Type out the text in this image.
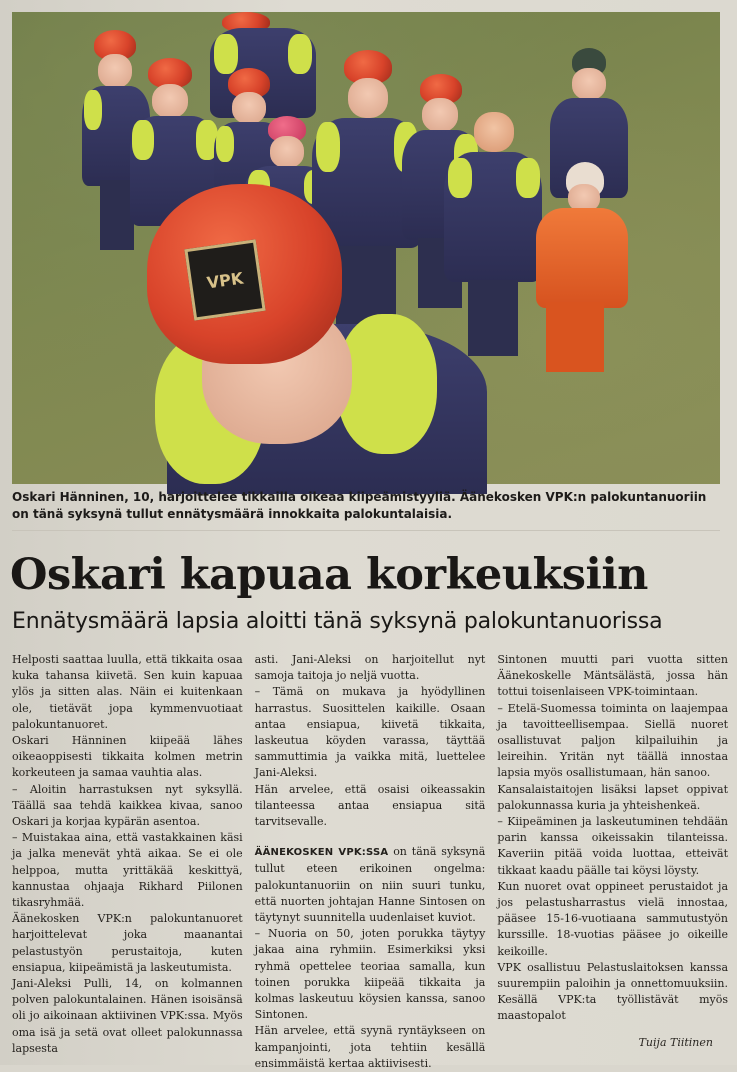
VPK
Oskari Hänninen, 10, harjoittelee tikkailla oikeaa kiipeämistyyliä. Äänekosken VPK:n palokuntanuoriin on tänä syksynä tullut ennätysmäärä innokkaita palokuntalaisia.
Oskari kapuaa korkeuksiin
Ennätysmäärä lapsia aloitti tänä syksynä palokuntanuorissa

Helposti saattaa luulla, että tikkaita osaa kuka tahansa kiivetä. Sen kuin kapuaa ylös ja sitten alas. Näin ei kuitenkaan ole, tietävät jopa kymmenvuotiaat palokuntanuoret.

Oskari Hänninen kiipeää lähes oikeaoppisesti tikkaita kolmen metrin korkeuteen ja samaa vauhtia alas.

– Aloitin harrastuksen nyt syksyllä. Täällä saa tehdä kaikkea kivaa, sanoo Oskari ja korjaa kypärän asentoa.

– Muistakaa aina, että vastakkainen käsi ja jalka menevät yhtä aikaa. Se ei ole helppoa, mutta yrittäkää keskittyä, kannustaa ohjaaja Rikhard Piilonen tikasryhmää.

Äänekosken VPK:n palokuntanuoret harjoittelevat joka maanantai pelastustyön perustaitoja, kuten ensiapua, kiipeämistä ja laskeutumista.

Jani-Aleksi Pulli, 14, on kolmannen polven palokuntalainen. Hänen isoisänsä oli jo aikoinaan aktiivinen VPK:ssa. Myös oma isä ja setä ovat olleet palokunnassa lapsesta

asti. Jani-Aleksi on harjoitellut nyt samoja taitoja jo neljä vuotta.

– Tämä on mukava ja hyödyllinen harrastus. Suosittelen kaikille. Osaan antaa ensiapua, kiivetä tikkaita, laskeutua köyden varassa, täyttää sammuttimia ja vaikka mitä, luettelee Jani-Aleksi.

Hän arvelee, että osaisi oikeassakin tilanteessa antaa ensiapua sitä tarvitsevalle.

ÄÄNEKOSKEN VPK:SSA on tänä syksynä tullut eteen erikoinen ongelma: palokuntanuoriin on niin suuri tunku, että nuorten johtajan Hanne Sintosen on täytynyt suunnitella uudenlaiset kuviot.

– Nuoria on 50, joten porukka täytyy jakaa aina ryhmiin. Esimerkiksi yksi ryhmä opettelee teoriaa samalla, kun toinen porukka kiipeää tikkaita ja kolmas laskeutuu köysien kanssa, sanoo Sintonen.

Hän arvelee, että syynä ryntäykseen on kampanjointi, jota tehtiin kesällä ensimmäistä kertaa aktiivisesti.

Sintonen muutti pari vuotta sitten Äänekoskelle Mäntsälästä, jossa hän tottui toisenlaiseen VPK-toimintaan.

– Etelä-Suomessa toiminta on laajempaa ja tavoitteellisempaa. Siellä nuoret osallistuvat paljon kilpailuihin ja leireihin. Yritän nyt täällä innostaa lapsia myös osallistumaan, hän sanoo.

Kansalaistaitojen lisäksi lapset oppivat palokunnassa kuria ja yhteishenkeä.

– Kiipeäminen ja laskeutuminen tehdään parin kanssa oikeissakin tilanteissa. Kaveriin pitää voida luottaa, etteivät tikkaat kaadu päälle tai köysi löysty.

Kun nuoret ovat oppineet perustaidot ja jos pelastusharrastus vielä innostaa, pääsee 15-16-vuotiaana sammutustyön kurssille. 18-vuotias pääsee jo oikeille keikoille.

VPK osallistuu Pelastuslaitoksen kanssa suurempiin paloihin ja onnettomuuksiin. Kesällä VPK:ta työllistävät myös maastopalot

Tuija Tiitinen
